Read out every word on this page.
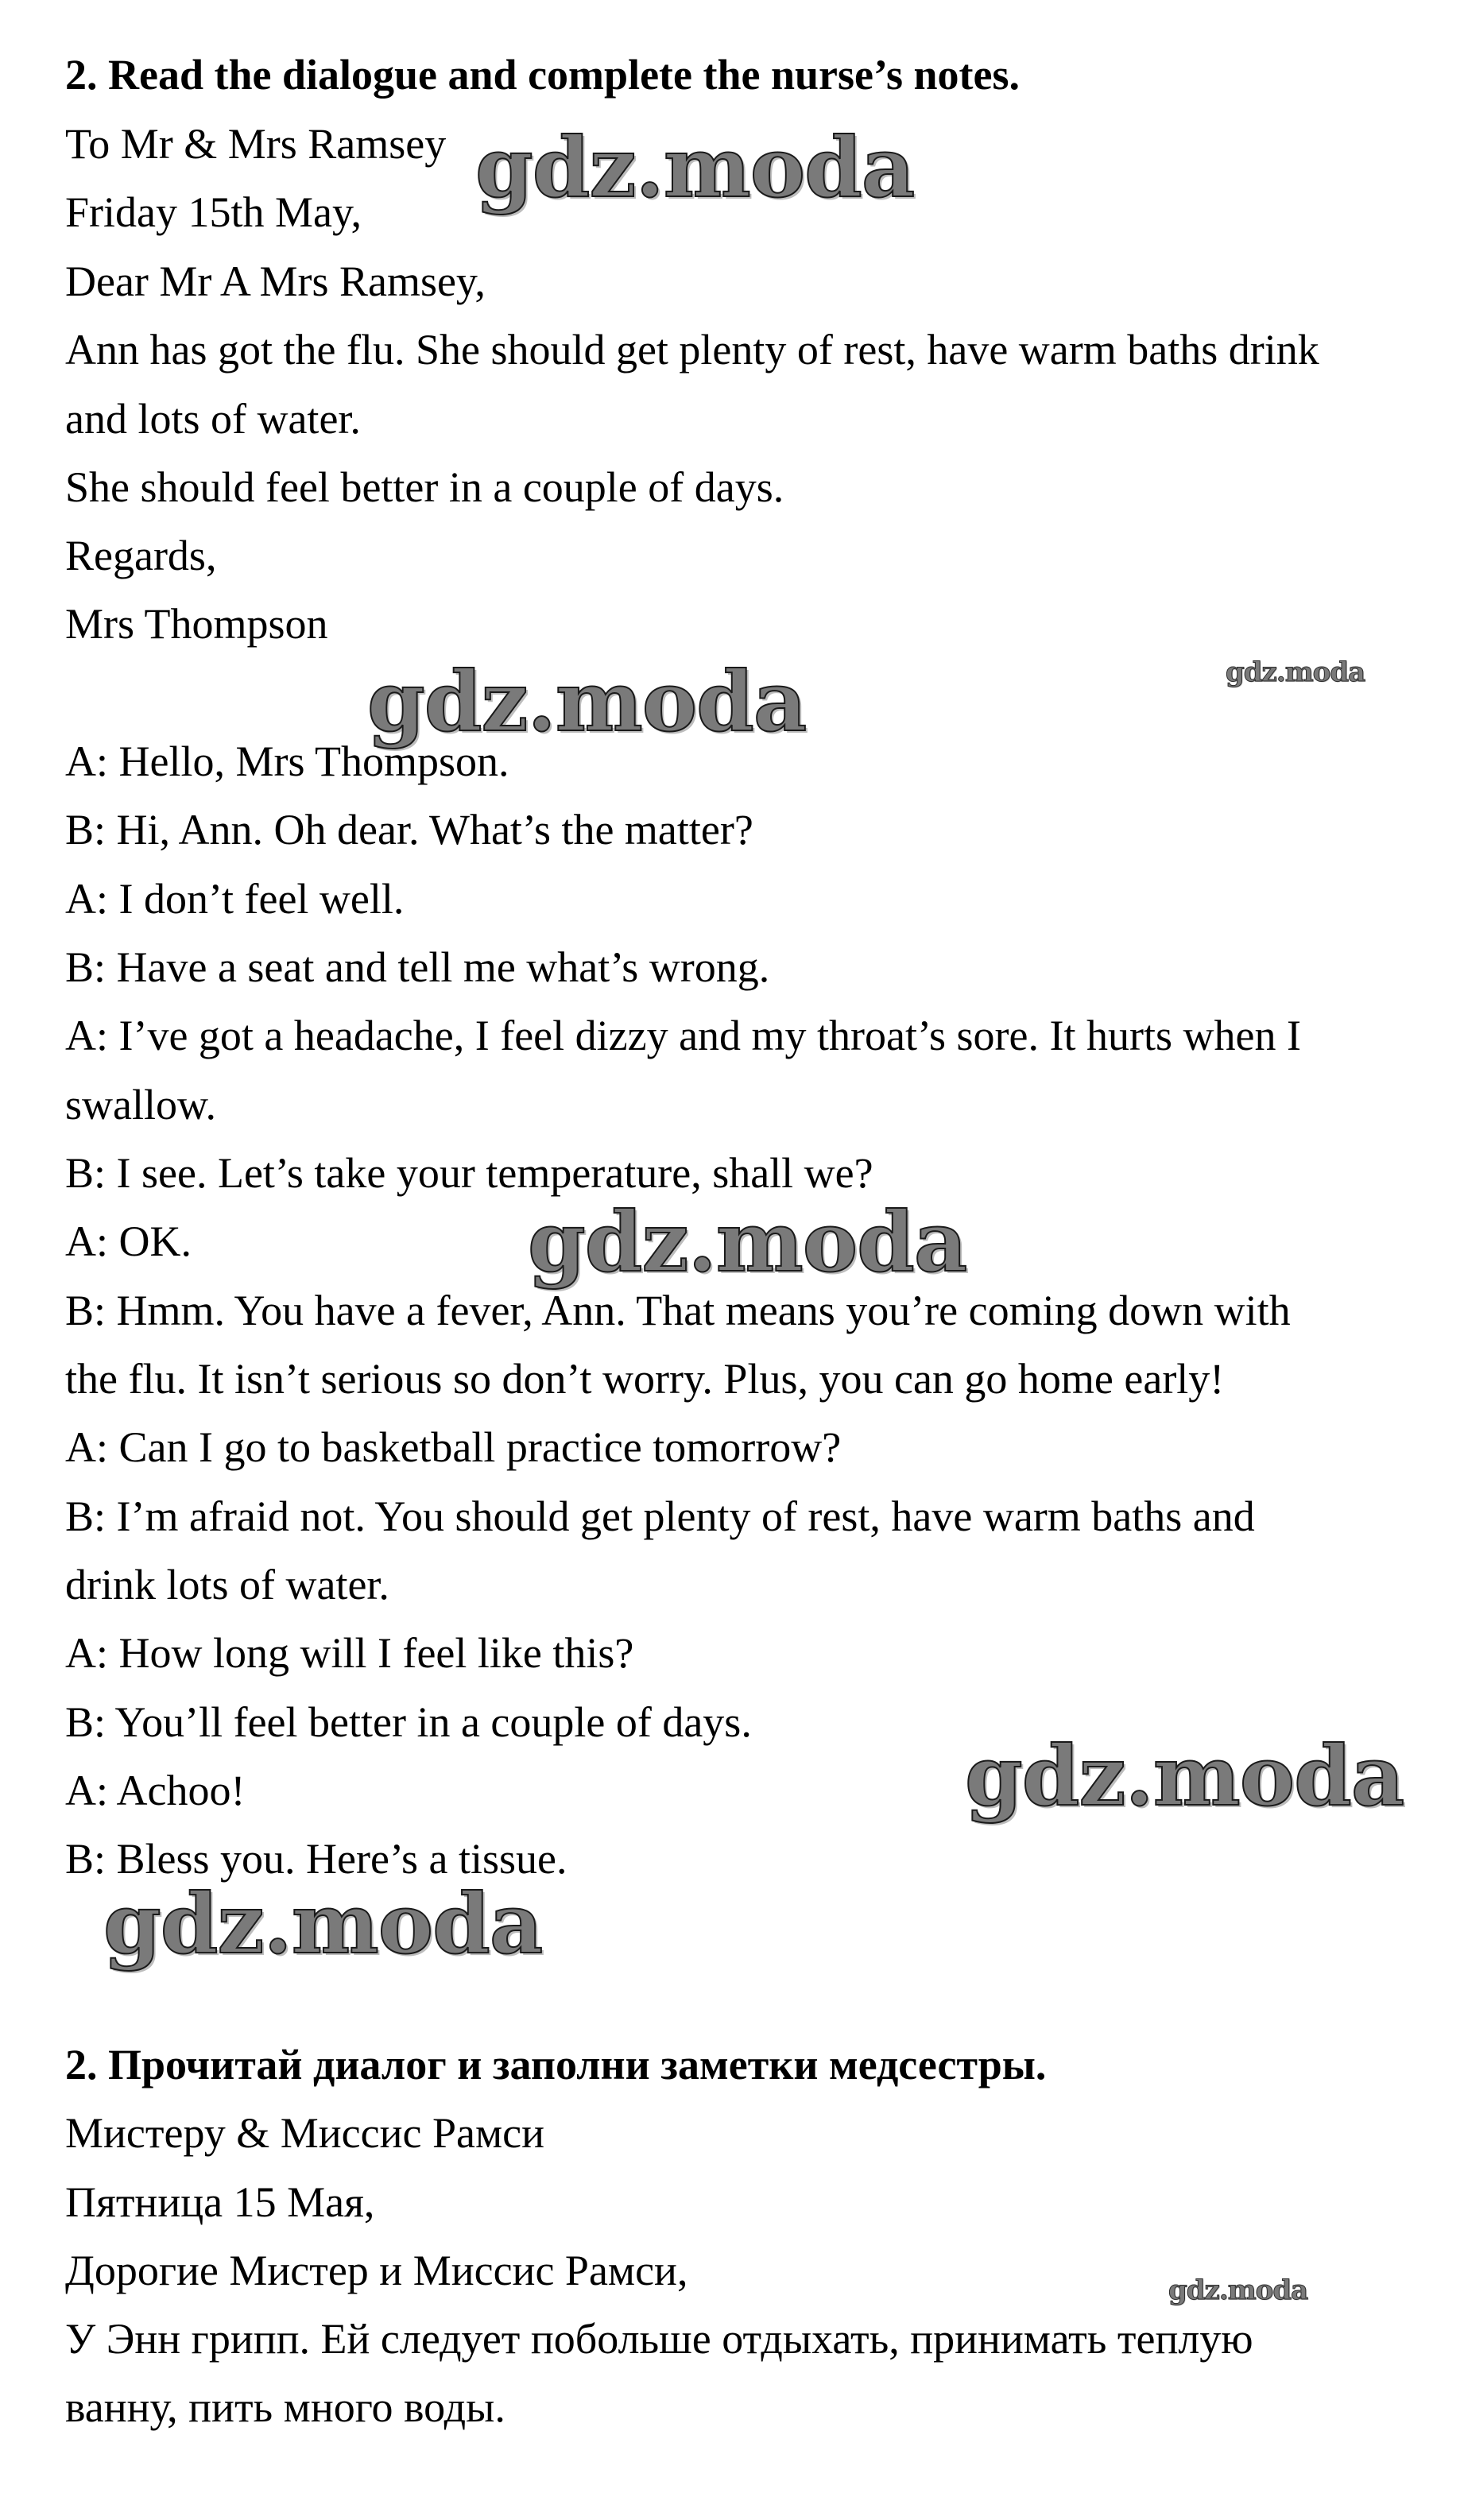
2. Read the dialogue and complete the nurse’s notes.
To Mr & Mrs Ramsey
Friday 15th May,
Dear Mr A Mrs Ramsey,
Ann has got the flu. She should get plenty of rest, have warm baths drink
and lots of water.
She should feel better in a couple of days.
Regards,
Mrs Thompson
A: Hello, Mrs Thompson.
B: Hi, Ann. Oh dear. What’s the matter?
A: I don’t feel well.
B: Have a seat and tell me what’s wrong.
A: I’ve got a headache, I feel dizzy and my throat’s sore. It hurts when I
swallow.
B: I see. Let’s take your temperature, shall we?
A: OK.
B: Hmm. You have a fever, Ann. That means you’re coming down with
the flu. It isn’t serious so don’t worry. Plus, you can go home early!
A: Can I go to basketball practice tomorrow?
B: I’m afraid not. You should get plenty of rest, have warm baths and
drink lots of water.
A: How long will I feel like this?
B: You’ll feel better in a couple of days.
A: Achoo!
B: Bless you. Here’s a tissue.
2. Прочитай диалог и заполни заметки медсестры.
Мистеру & Миссис Рамси
Пятница 15 Мая,
Дорогие Мистер и Миссис Рамси,
У Энн грипп. Ей следует побольше отдыхать, принимать теплую
ванну, пить много воды.
gdz.moda
gdz.moda	gdz.moda
gdz.moda
gdz.moda
gdz.moda
gdz.moda
